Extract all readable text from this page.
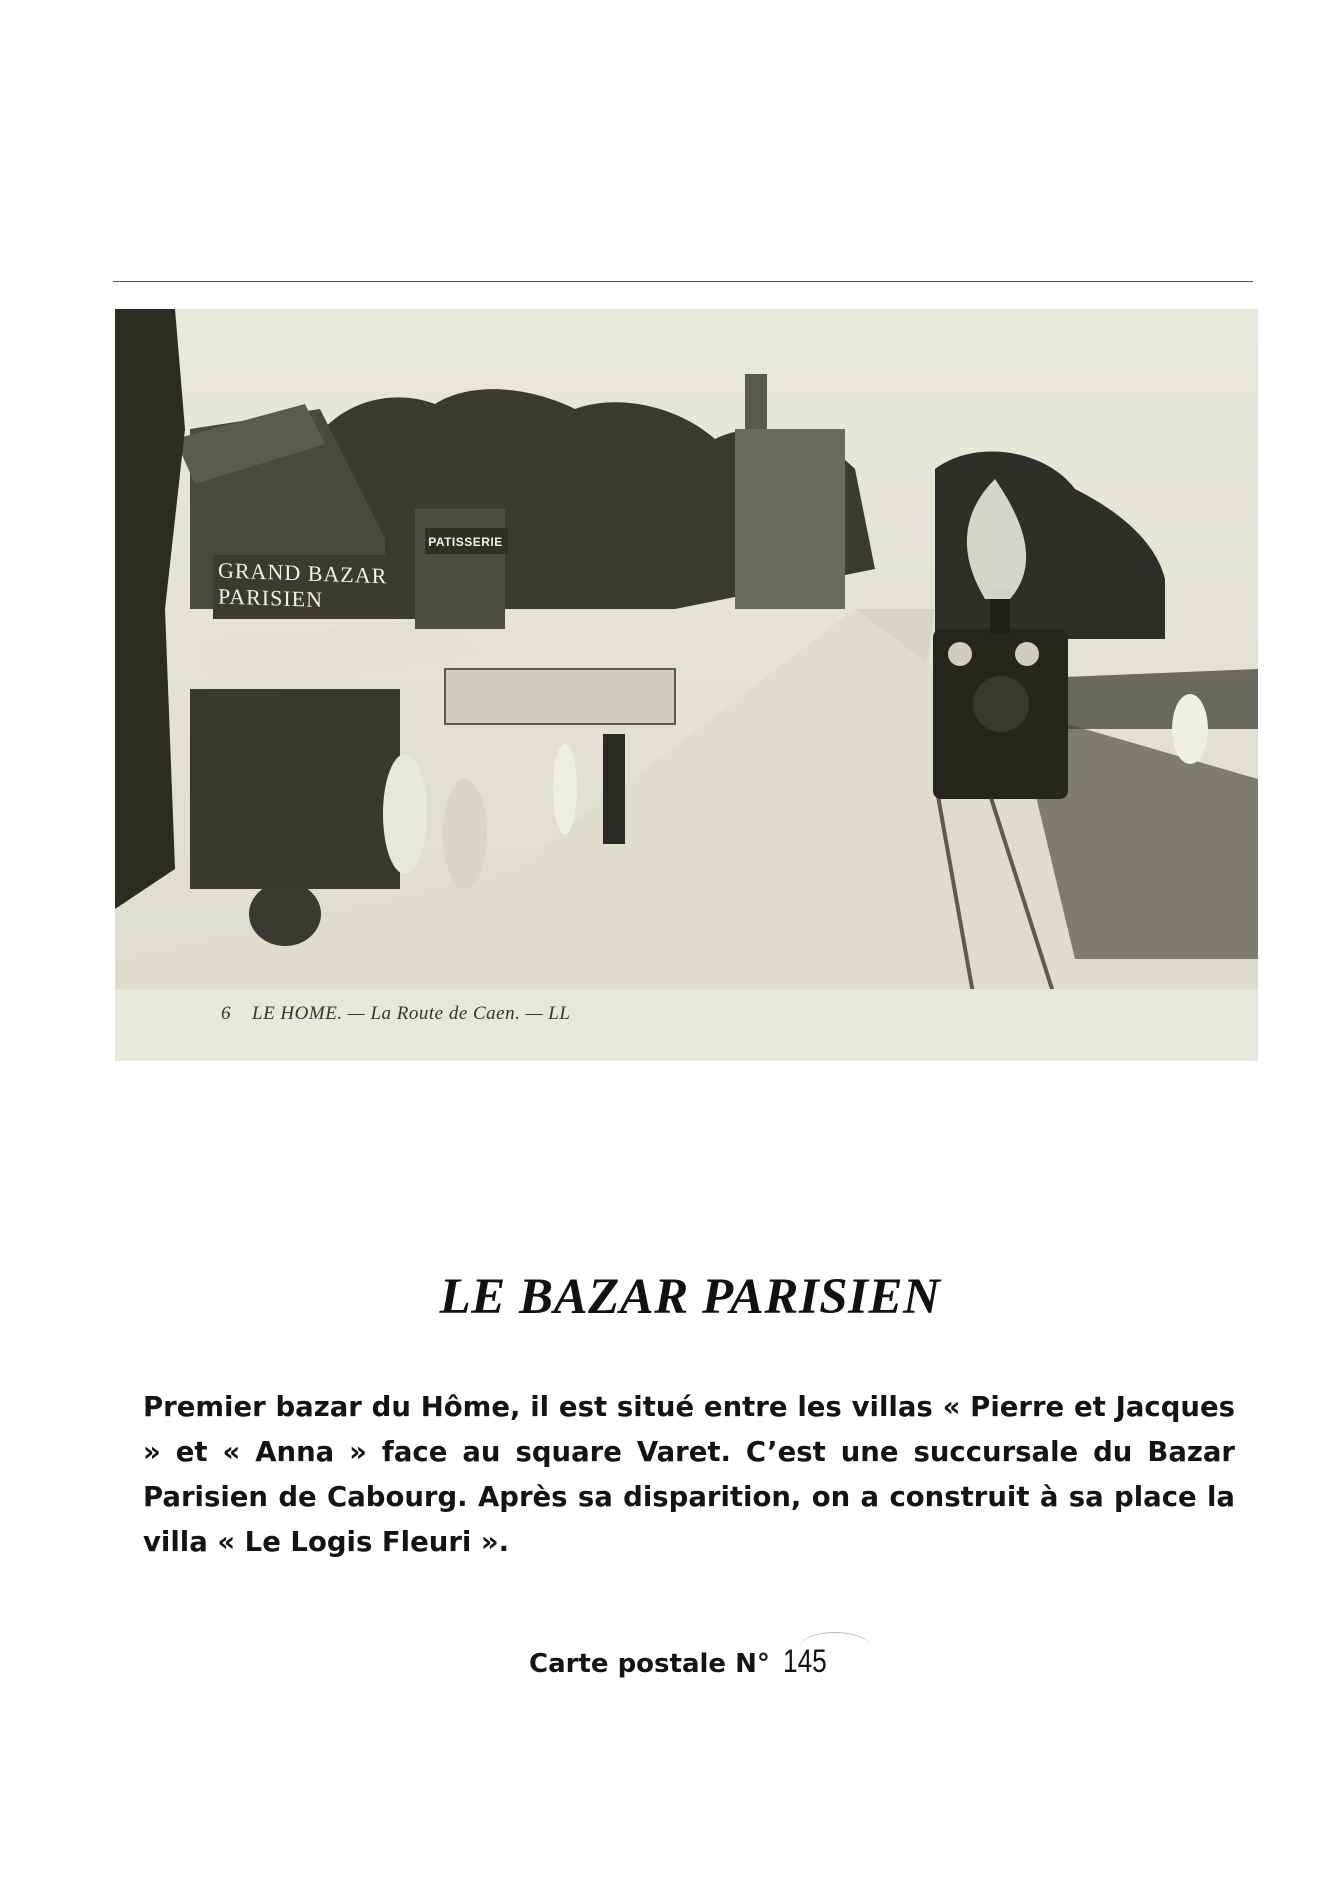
GRAND BAZAR PARISIEN
PATISSERIE
6    LE HOME. — La Route de Caen. — LL
LE BAZAR PARISIEN
Premier bazar du Hôme, il est situé entre les villas « Pierre et Jacques » et « Anna » face au square Varet. C’est une succursale du Bazar Parisien de Cabourg. Après sa disparition, on a construit à sa place la villa « Le Logis Fleuri ».
Carte postale N° 145
